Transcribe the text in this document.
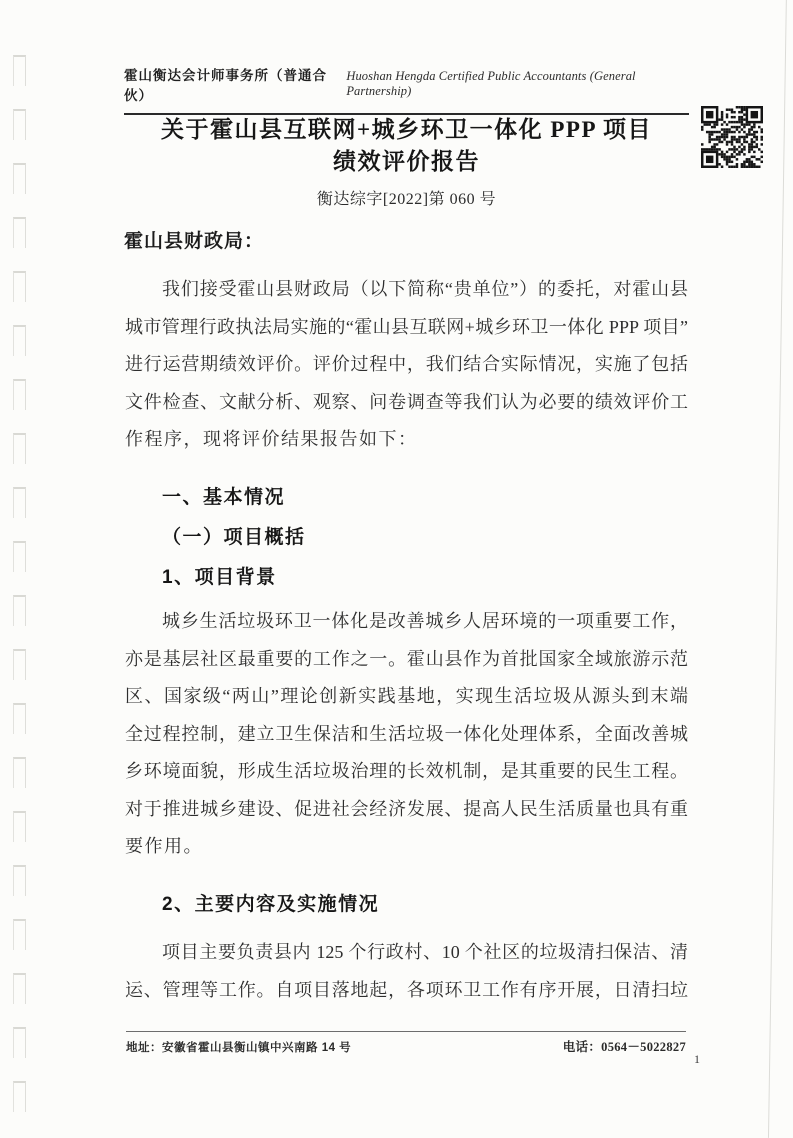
霍山衡达会计师事务所（普通合伙）
Huoshan Hengda Certified Public Accountants (General Partnership)
关于霍山县互联网+城乡环卫一体化 PPP 项目
绩效评价报告
衡达综字[2022]第 060 号
霍山县财政局：
我们接受霍山县财政局（以下简称“贵单位”）的委托，对霍山县
城市管理行政执法局实施的“霍山县互联网+城乡环卫一体化 PPP 项目”
进行运营期绩效评价。评价过程中，我们结合实际情况，实施了包括
文件检查、文献分析、观察、问卷调查等我们认为必要的绩效评价工
作程序，现将评价结果报告如下：
一、基本情况
（一）项目概括
1、项目背景
城乡生活垃圾环卫一体化是改善城乡人居环境的一项重要工作，
亦是基层社区最重要的工作之一。霍山县作为首批国家全域旅游示范
区、国家级“两山”理论创新实践基地，实现生活垃圾从源头到末端
全过程控制，建立卫生保洁和生活垃圾一体化处理体系，全面改善城
乡环境面貌，形成生活垃圾治理的长效机制，是其重要的民生工程。
对于推进城乡建设、促进社会经济发展、提高人民生活质量也具有重
要作用。
2、主要内容及实施情况
项目主要负责县内 125 个行政村、10 个社区的垃圾清扫保洁、清
运、管理等工作。自项目落地起，各项环卫工作有序开展，日清扫垃
地址：安徽省霍山县衡山镇中兴南路 14 号	电话：0564－5022827
1
